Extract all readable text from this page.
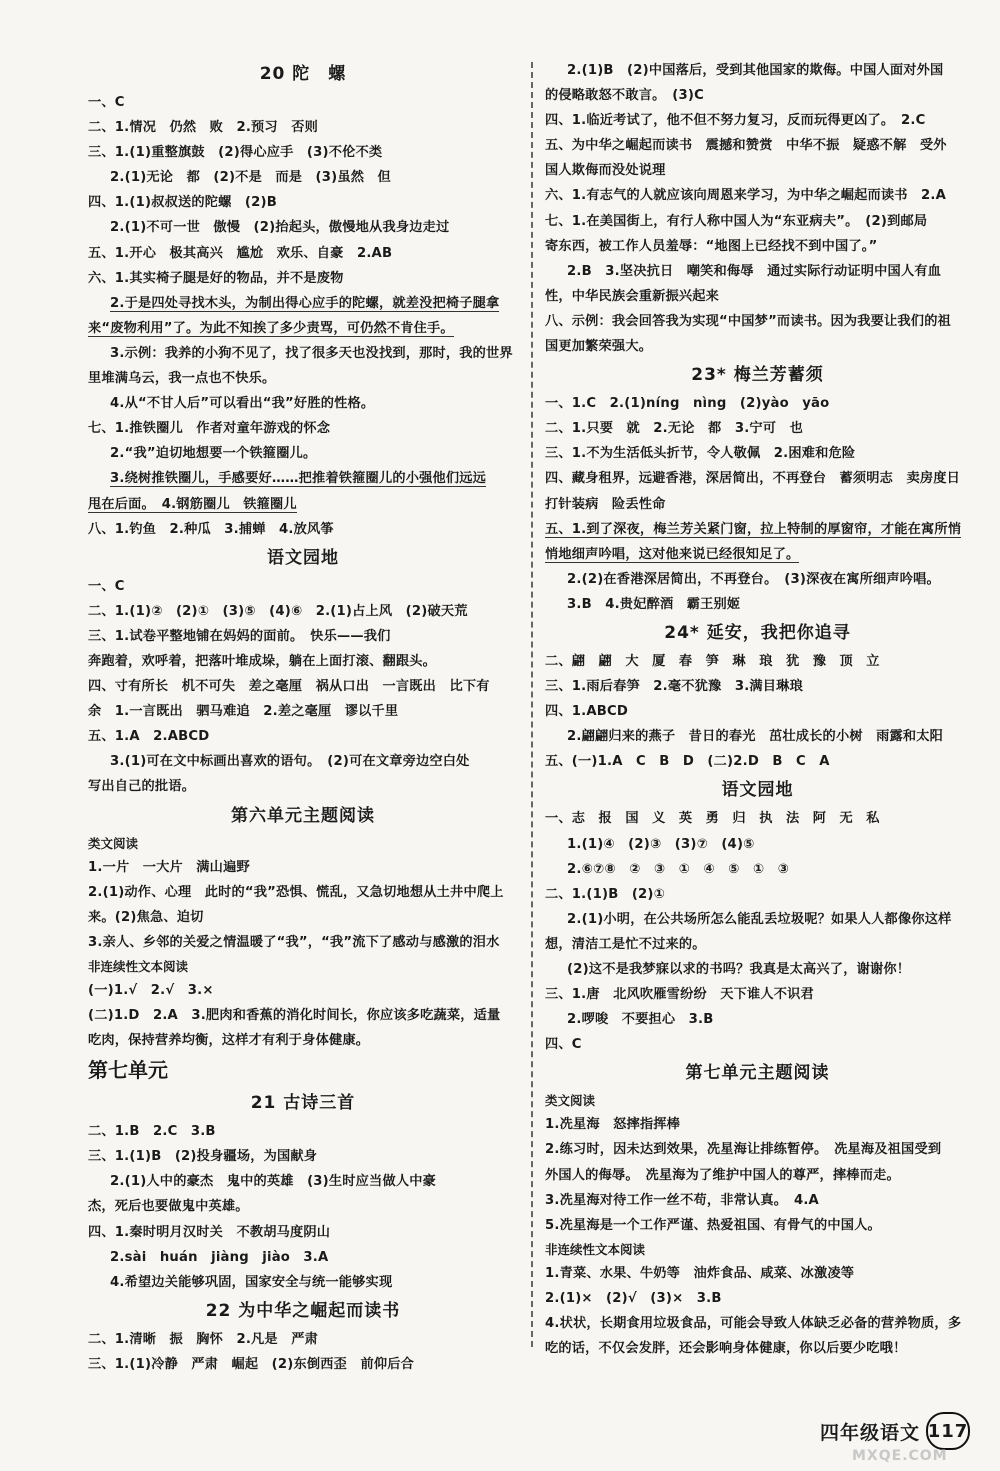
20 陀　螺
一、C
二、1.情况　仍然　败　2.预习　否则
三、1.(1)重整旗鼓　(2)得心应手　(3)不伦不类
2.(1)无论　都　(2)不是　而是　(3)虽然　但
四、1.(1)叔叔送的陀螺　(2)B
2.(1)不可一世　傲慢　(2)抬起头，傲慢地从我身边走过
五、1.开心　极其高兴　尴尬　欢乐、自豪　2.AB
六、1.其实椅子腿是好的物品，并不是废物
2.于是四处寻找木头，为制出得心应手的陀螺，就差没把椅子腿拿
来“废物利用”了。为此不知挨了多少责骂，可仍然不肯住手。
3.示例：我养的小狗不见了，找了很多天也没找到，那时，我的世界
里堆满乌云，我一点也不快乐。
4.从“不甘人后”可以看出“我”好胜的性格。
七、1.推铁圈儿　作者对童年游戏的怀念
2.“我”迫切地想要一个铁箍圈儿。
3.绕树推铁圈儿，手感要好……把推着铁箍圈儿的小强他们远远
甩在后面。　4.钢筋圈儿　铁箍圈儿
八、1.钓鱼　2.种瓜　3.捕蝉　4.放风筝
语文园地
一、C
二、1.(1)②　(2)①　(3)⑤　(4)⑥　2.(1)占上风　(2)破天荒
三、1.试卷平整地铺在妈妈的面前。　快乐——我们
奔跑着，欢呼着，把落叶堆成垛，躺在上面打滚、翻跟头。
四、寸有所长　机不可失　差之毫厘　祸从口出　一言既出　比下有
余　1.一言既出　驷马难追　2.差之毫厘　谬以千里
五、1.A　2.ABCD
3.(1)可在文中标画出喜欢的语句。　(2)可在文章旁边空白处
写出自己的批语。
第六单元主题阅读
类文阅读
1.一片　一大片　满山遍野
2.(1)动作、心理　此时的“我”恐惧、慌乱，又急切地想从土井中爬上
来。(2)焦急、迫切
3.亲人、乡邻的关爱之情温暖了“我”，“我”流下了感动与感激的泪水
非连续性文本阅读
(一)1.√　2.√　3.×
(二)1.D　2.A　3.肥肉和香蕉的消化时间长，你应该多吃蔬菜，适量
吃肉，保持营养均衡，这样才有利于身体健康。
第七单元
21 古诗三首
二、1.B　2.C　3.B
三、1.(1)B　(2)投身疆场，为国献身
2.(1)人中的豪杰　鬼中的英雄　(3)生时应当做人中豪
杰，死后也要做鬼中英雄。
四、1.秦时明月汉时关　不教胡马度阴山
2.sài　huán　jiàng　jiào　3.A
4.希望边关能够巩固，国家安全与统一能够实现
22 为中华之崛起而读书
二、1.清晰　振　胸怀　2.凡是　严肃
三、1.(1)冷静　严肃　崛起　(2)东倒西歪　前仰后合
2.(1)B　(2)中国落后，受到其他国家的欺侮。中国人面对外国
的侵略敢怒不敢言。　(3)C
四、1.临近考试了，他不但不努力复习，反而玩得更凶了。　2.C
五、为中华之崛起而读书　震撼和赞赏　中华不振　疑惑不解　受外
国人欺侮而没处说理
六、1.有志气的人就应该向周恩来学习，为中华之崛起而读书　2.A
七、1.在美国街上，有行人称中国人为“东亚病夫”。　(2)到邮局
寄东西，被工作人员羞辱：“地图上已经找不到中国了。”
2.B　3.坚决抗日　嘲笑和侮辱　通过实际行动证明中国人有血
性，中华民族会重新振兴起来
八、示例：我会回答我为实现“中国梦”而读书。因为我要让我们的祖
国更加繁荣强大。
23* 梅兰芳蓄须
一、1.C　2.(1)níng　nìng　(2)yào　yāo
二、1.只要　就　2.无论　都　3.宁可　也
三、1.不为生活低头折节，令人敬佩　2.困难和危险
四、藏身租界，远避香港，深居简出，不再登台　蓄须明志　卖房度日
打针装病　险丢性命
五、1.到了深夜，梅兰芳关紧门窗，拉上特制的厚窗帘，才能在寓所悄
悄地细声吟唱，这对他来说已经很知足了。
2.(2)在香港深居简出，不再登台。　(3)深夜在寓所细声吟唱。
3.B　4.贵妃醉酒　霸王别姬
24* 延安，我把你追寻
二、翩　翩　大　厦　春　笋　琳　琅　犹　豫　顶　立
三、1.雨后春笋　2.毫不犹豫　3.满目琳琅
四、1.ABCD
2.翩翩归来的燕子　昔日的春光　茁壮成长的小树　雨露和太阳
五、(一)1.A　C　B　D　(二)2.D　B　C　A
语文园地
一、志　报　国　义　英　勇　归　执　法　阿　无　私
1.(1)④　(2)③　(3)⑦　(4)⑤
2.⑥⑦⑧　②　③　①　④　⑤　①　③
二、1.(1)B　(2)①
2.(1)小明，在公共场所怎么能乱丢垃圾呢？如果人人都像你这样
想，清洁工是忙不过来的。
(2)这不是我梦寐以求的书吗？我真是太高兴了，谢谢你！
三、1.唐　北风吹雁雪纷纷　天下谁人不识君
2.啰唆　不要担心　3.B
四、C
第七单元主题阅读
类文阅读
1.冼星海　怒摔指挥棒
2.练习时，因未达到效果，冼星海让排练暂停。　冼星海及祖国受到
外国人的侮辱。　冼星海为了维护中国人的尊严，摔棒而走。
3.冼星海对待工作一丝不苟，非常认真。　4.A
5.冼星海是一个工作严谨、热爱祖国、有骨气的中国人。
非连续性文本阅读
1.青菜、水果、牛奶等　油炸食品、咸菜、冰激凌等
2.(1)×　(2)√　(3)×　3.B
4.状状，长期食用垃圾食品，可能会导致人体缺乏必备的营养物质，多
吃的话，不仅会发胖，还会影响身体健康，你以后要少吃哦！
四年级语文 117
MXQE.COM
